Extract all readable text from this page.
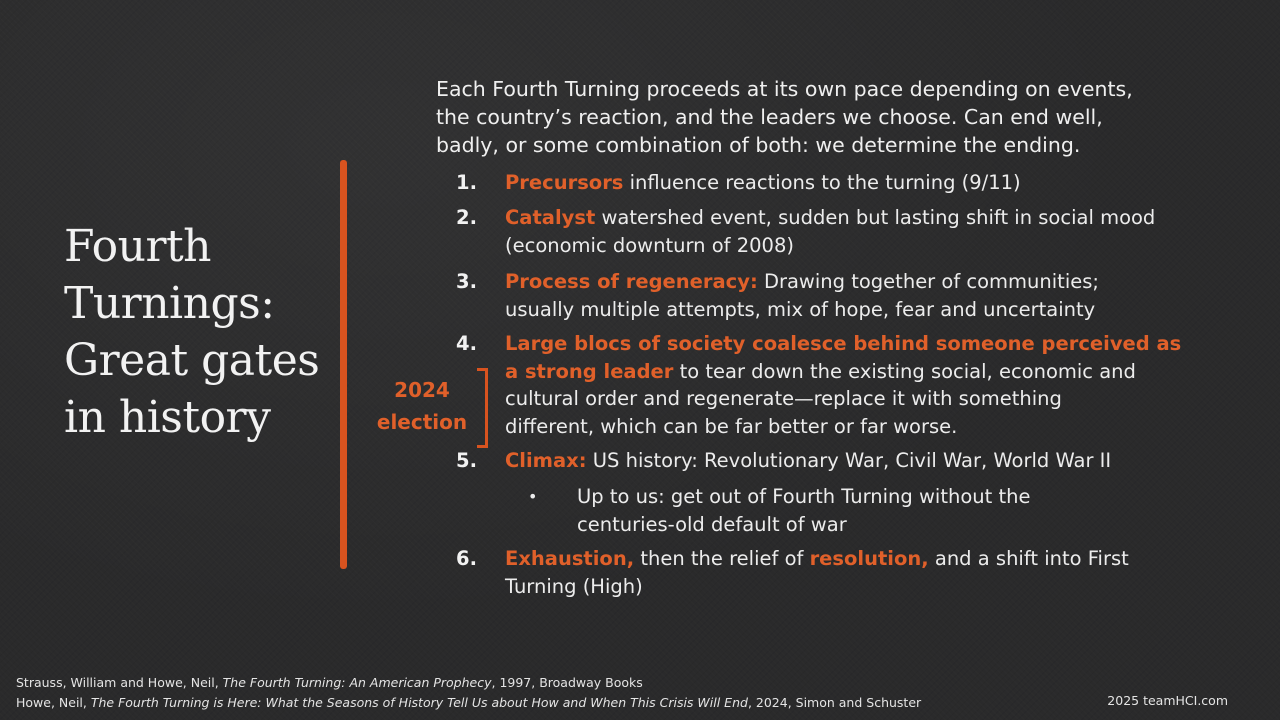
Fourth
Turnings:
Great gates
in history
2024
election
Each Fourth Turning proceeds at its own pace depending on events,
the country’s reaction, and the leaders we choose. Can end well,
badly, or some combination of both: we determine the ending.
1.	Precursors influence reactions to the turning (9/11)
2.	Catalyst watershed event, sudden but lasting shift in social mood
(economic downturn of 2008)
3.	Process of regeneracy: Drawing together of communities;
usually multiple attempts, mix of hope, fear and uncertainty
4.	Large blocs of society coalesce behind someone perceived as
a strong leader to tear down the existing social, economic and
cultural order and regenerate—replace it with something
different, which can be far better or far worse.
5.	Climax: US history: Revolutionary War, Civil War, World War II
• Up to us: get out of Fourth Turning without the
centuries-old default of war
6.	Exhaustion, then the relief of resolution, and a shift into First
Turning (High)
Strauss, William and Howe, Neil, The Fourth Turning: An American Prophecy, 1997, Broadway Books
Howe, Neil, The Fourth Turning is Here: What the Seasons of History Tell Us about How and When This Crisis Will End, 2024, Simon and Schuster	2025 teamHCI.com
